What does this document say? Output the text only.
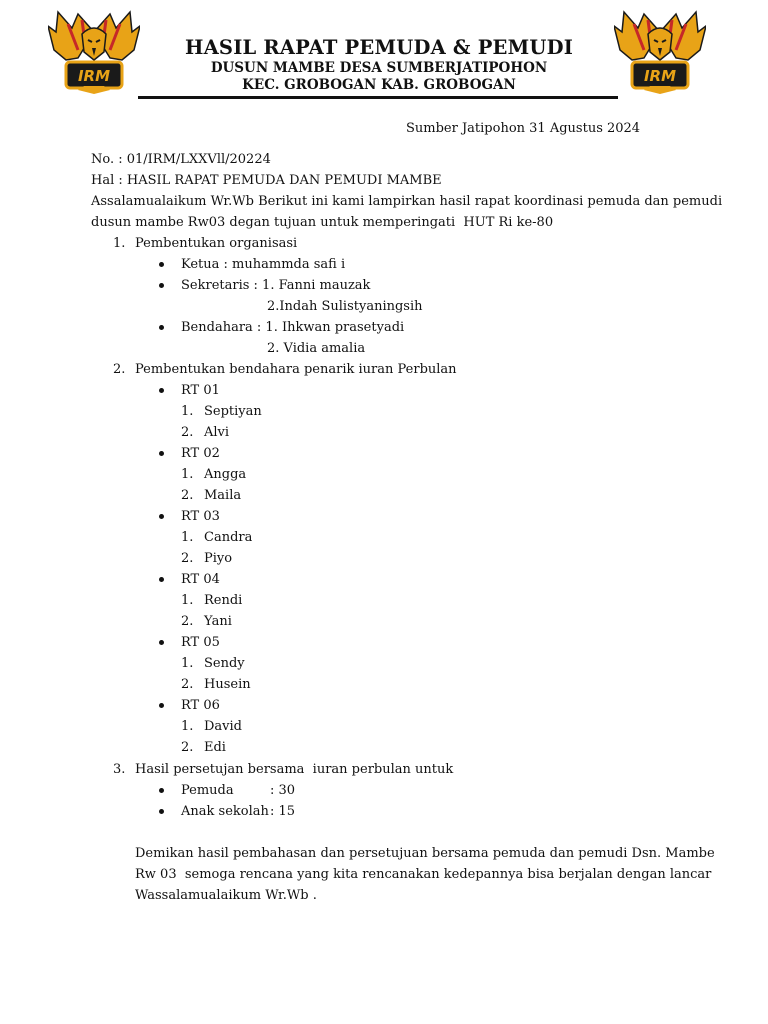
IRM	IRM
HASIL RAPAT PEMUDA & PEMUDI
DUSUN MAMBE DESA SUMBERJATIPOHON
KEC. GROBOGAN KAB. GROBOGAN
Sumber Jatipohon 31 Agustus 2024
No. : 01/IRM/LXXVll/20224
Hal : HASIL RAPAT PEMUDA DAN PEMUDI MAMBE
Assalamualaikum Wr.Wb Berikut ini kami lampirkan hasil rapat koordinasi pemuda dan pemudi
dusun mambe Rw03 degan tujuan untuk memperingati  HUT Ri ke-80
1. Pembentukan organisasi
Ketua : muhammda safi i
Sekretaris : 1. Fanni mauzak
2.Indah Sulistyaningsih
Bendahara : 1. Ihkwan prasetyadi
2. Vidia amalia
2. Pembentukan bendahara penarik iuran Perbulan
RT 01
1. Septiyan
2. Alvi
RT 02
1. Angga
2. Maila
RT 03
1. Candra
2. Piyo
RT 04
1. Rendi
2. Yani
RT 05
1. Sendy
2. Husein
RT 06
1. David
2. Edi
3. Hasil persetujan bersama  iuran perbulan untuk
Pemuda	: 30
Anak sekolah : 15
Demikan hasil pembahasan dan persetujuan bersama pemuda dan pemudi Dsn. Mambe
Rw 03  semoga rencana yang kita rencanakan kedepannya bisa berjalan dengan lancar
Wassalamualaikum Wr.Wb .
